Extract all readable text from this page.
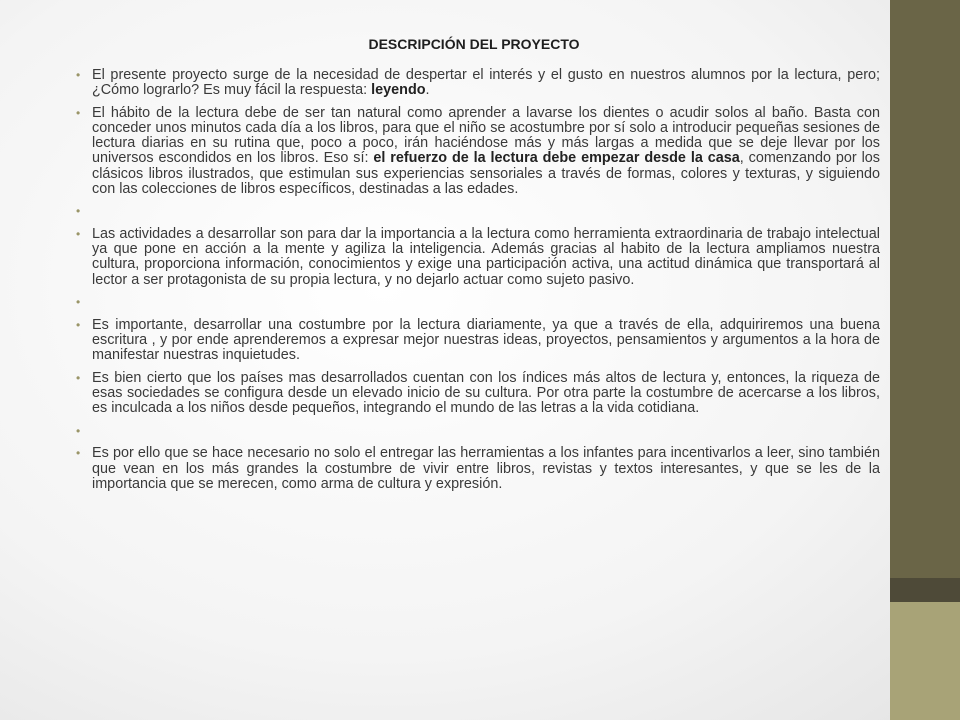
DESCRIPCIÓN DEL PROYECTO
• El presente proyecto surge de la necesidad de despertar el interés y el gusto en nuestros alumnos por la lectura, pero; ¿Cómo lograrlo? Es muy fácil la respuesta: leyendo.
• El hábito de la lectura debe de ser tan natural como aprender a lavarse los dientes o acudir solos al baño. Basta con conceder unos minutos cada día a los libros, para que el niño se acostumbre por sí solo a introducir pequeñas sesiones de lectura diarias en su rutina que, poco a poco, irán haciéndose más y más largas a medida que se deje llevar por los universos escondidos en los libros. Eso sí: el refuerzo de la lectura debe empezar desde la casa, comenzando por los clásicos libros ilustrados, que estimulan sus experiencias sensoriales a través de formas, colores y texturas, y siguiendo con las colecciones de libros específicos, destinadas a las edades.
•
• Las actividades a desarrollar son para dar la importancia a la lectura como herramienta extraordinaria de trabajo intelectual ya que pone en acción a la mente y agiliza la inteligencia. Además gracias al habito de la lectura ampliamos nuestra cultura, proporciona información, conocimientos y exige una participación activa, una actitud dinámica que transportará al lector a ser protagonista de su propia lectura, y no dejarlo actuar como sujeto pasivo.
•
• Es importante, desarrollar una costumbre por la lectura diariamente, ya que a través de ella, adquiriremos una buena escritura , y por ende aprenderemos a expresar mejor nuestras ideas, proyectos, pensamientos y argumentos a la hora de manifestar nuestras inquietudes.
• Es bien cierto que los países mas desarrollados cuentan con los índices más altos de lectura y, entonces, la riqueza de esas sociedades se configura desde un elevado inicio de su cultura. Por otra parte la costumbre de acercarse a los libros, es inculcada a los niños desde pequeños, integrando el mundo de las letras a la vida cotidiana.
•
• Es por ello que se hace necesario no solo el entregar las herramientas a los infantes para incentivarlos a leer, sino también que vean en los más grandes la costumbre de vivir entre libros, revistas y textos interesantes, y que se les de la importancia que se merecen, como arma de cultura y expresión.
